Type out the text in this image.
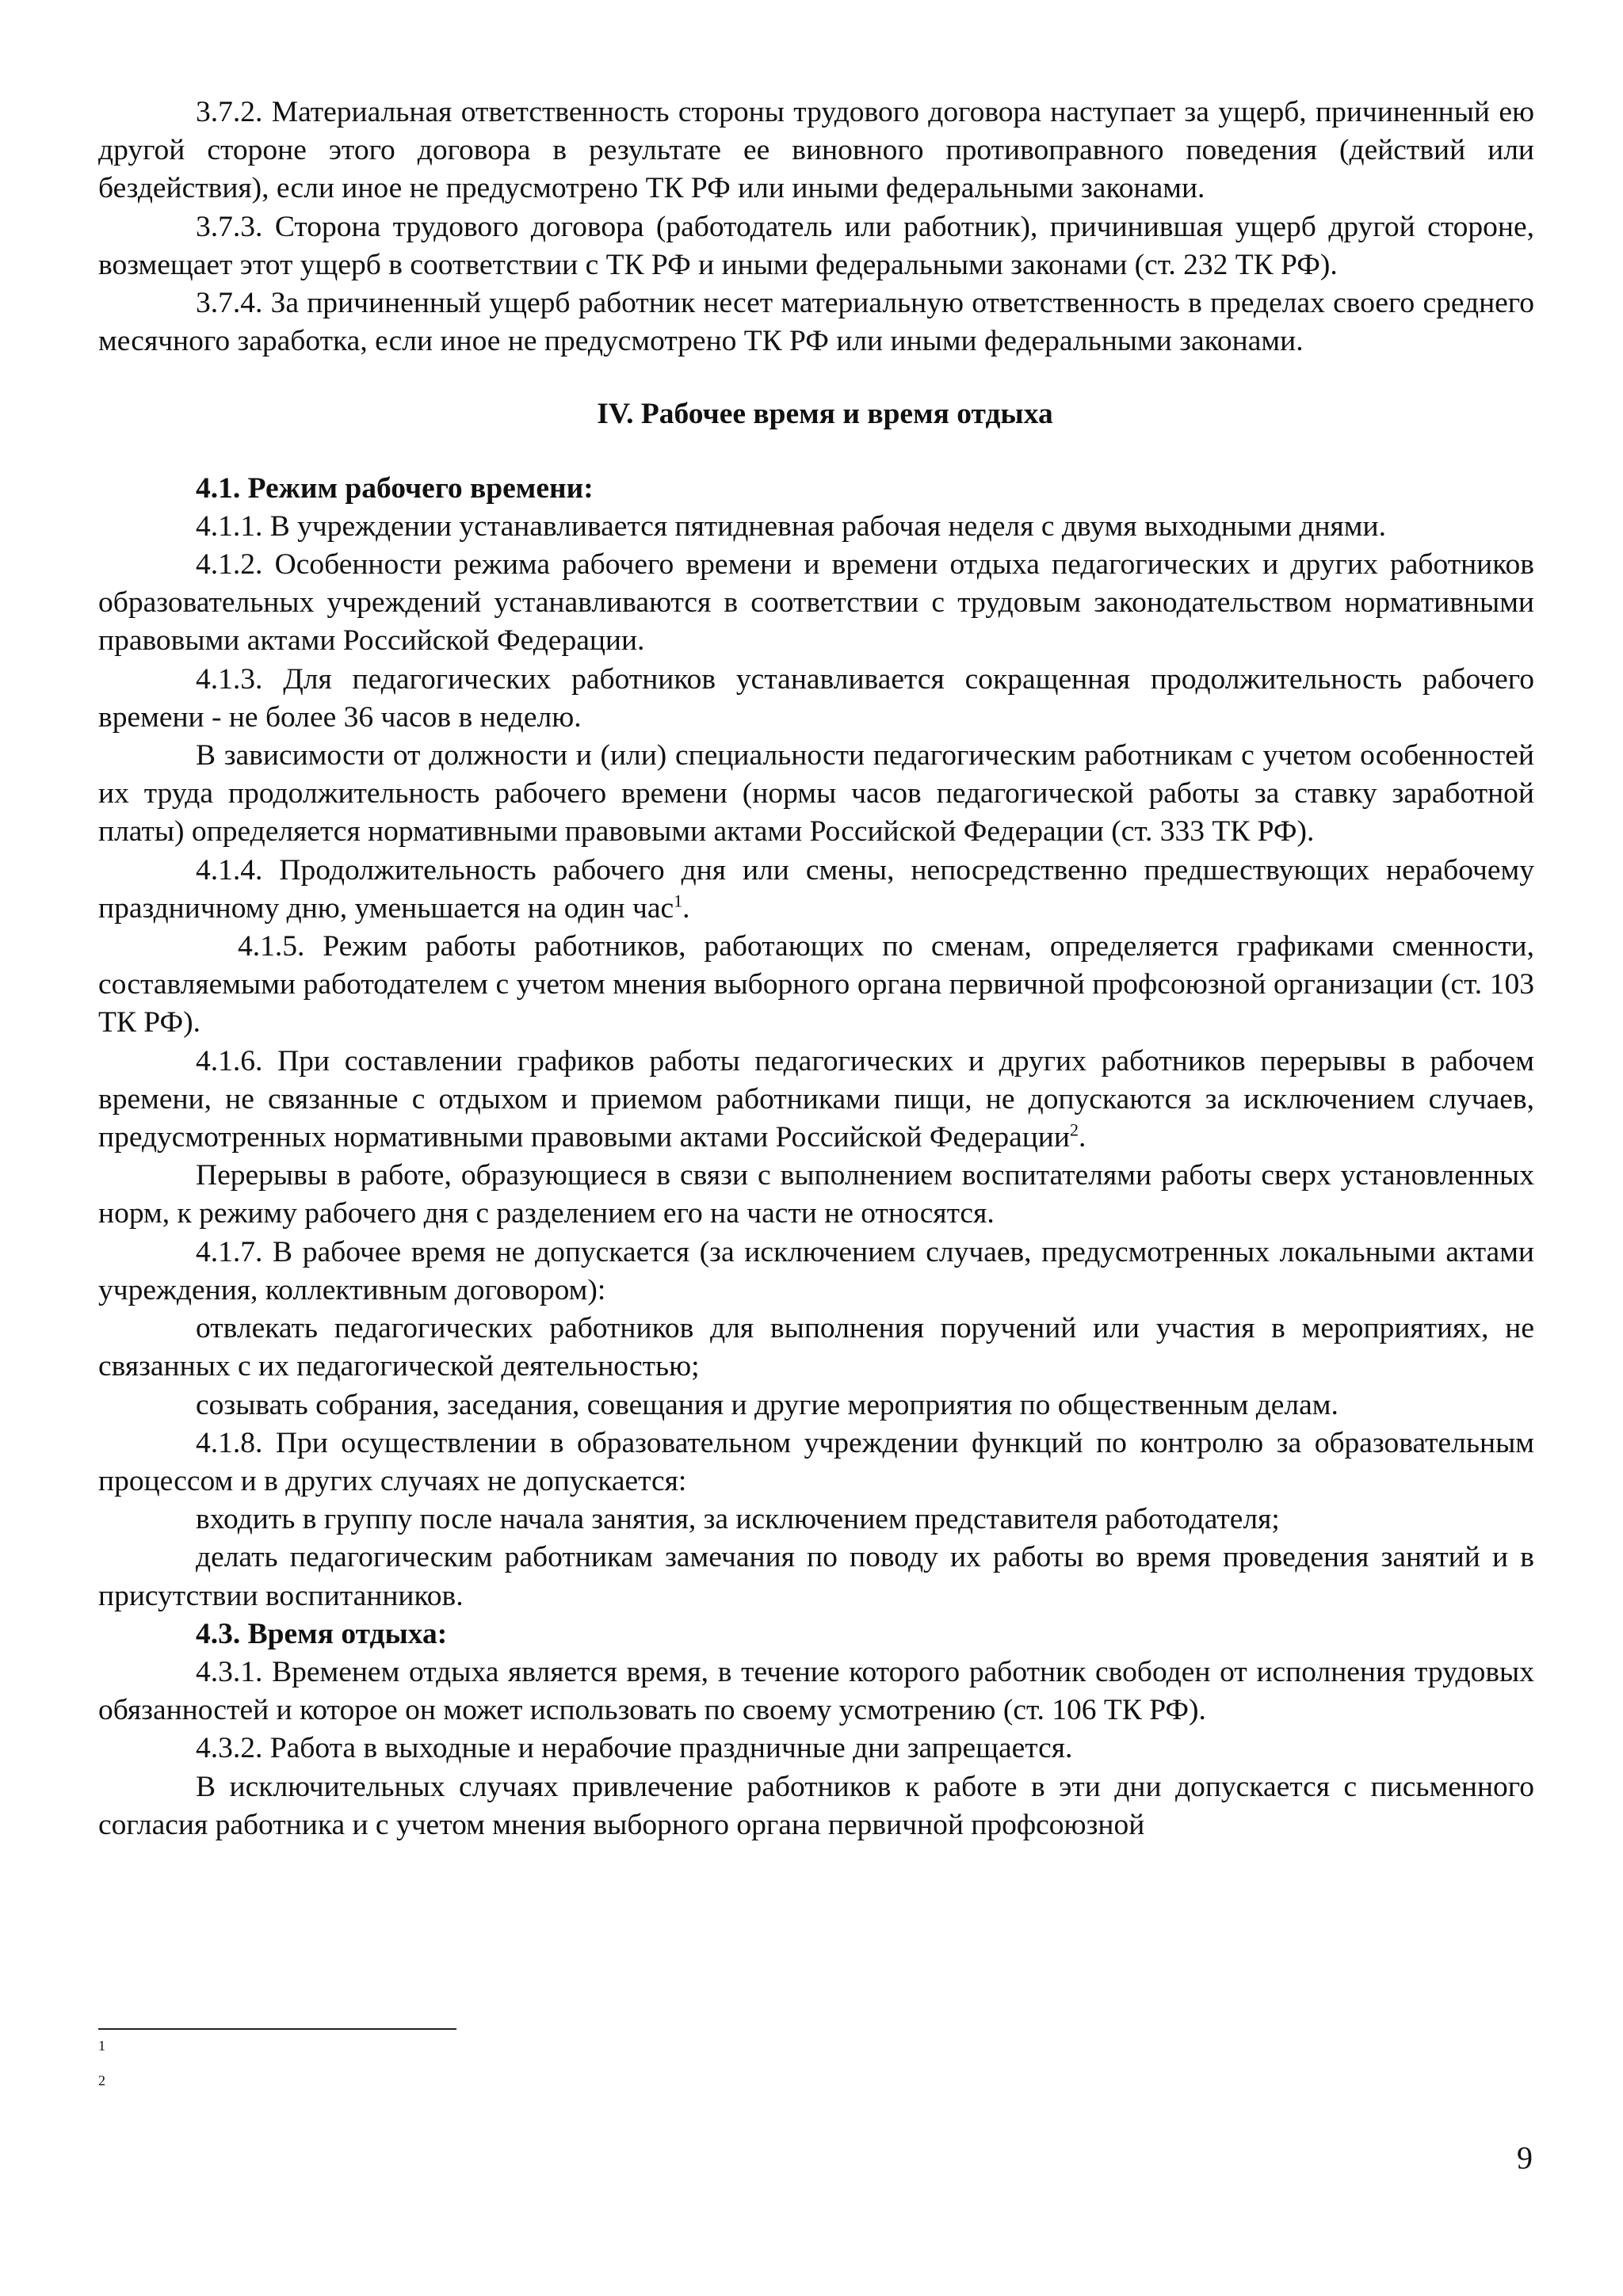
3.7.2. Материальная ответственность стороны трудового договора наступает за ущерб, причиненный ею другой стороне этого договора в результате ее виновного противоправного поведения (действий или бездействия), если иное не предусмотрено ТК РФ или иными федеральными законами.

3.7.3. Сторона трудового договора (работодатель или работник), причинившая ущерб другой стороне, возмещает этот ущерб в соответствии с ТК РФ и иными федеральными законами (ст. 232 ТК РФ).

3.7.4. За причиненный ущерб работник несет материальную ответственность в пределах своего среднего месячного заработка, если иное не предусмотрено ТК РФ или иными федеральными законами.

IV. Рабочее время и время отдыха

4.1. Режим рабочего времени:

4.1.1. В учреждении устанавливается пятидневная рабочая неделя с двумя выходными днями.

4.1.2. Особенности режима рабочего времени и времени отдыха педагогических и других работников образовательных учреждений устанавливаются в соответствии с трудовым законодательством нормативными правовыми актами Российской Федерации.

4.1.3. Для педагогических работников устанавливается сокращенная продолжительность рабочего времени - не более 36 часов в неделю.

В зависимости от должности и (или) специальности педагогическим работникам с учетом особенностей их труда продолжительность рабочего времени (нормы часов педагогической работы за ставку заработной платы) определяется нормативными правовыми актами Российской Федерации (ст. 333 ТК РФ).

4.1.4. Продолжительность рабочего дня или смены, непосредственно предшествующих нерабочему праздничному дню, уменьшается на один час$^1$.

4.1.5. Режим работы работников, работающих по сменам, определяется графиками сменности, составляемыми работодателем с учетом мнения выборного органа первичной профсоюзной организации (ст. 103 ТК РФ).

4.1.6. При составлении графиков работы педагогических и других работников перерывы в рабочем времени, не связанные с отдыхом и приемом работниками пищи, не допускаются за исключением случаев, предусмотренных нормативными правовыми актами Российской Федерации$^2$.

Перерывы в работе, образующиеся в связи с выполнением воспитателями работы сверх установленных норм, к режиму рабочего дня с разделением его на части не относятся.

4.1.7. В рабочее время не допускается (за исключением случаев, предусмотренных локальными актами учреждения, коллективным договором):

отвлекать педагогических работников для выполнения поручений или участия в мероприятиях, не связанных с их педагогической деятельностью;

созывать собрания, заседания, совещания и другие мероприятия по общественным делам.

4.1.8. При осуществлении в образовательном учреждении функций по контролю за образовательным процессом и в других случаях не допускается:

входить в группу после начала занятия, за исключением представителя работодателя;

делать педагогическим работникам замечания по поводу их работы во время проведения занятий и в присутствии воспитанников.

4.3. Время отдыха:

4.3.1. Временем отдыха является время, в течение которого работник свободен от исполнения трудовых обязанностей и которое он может использовать по своему усмотрению (ст. 106 ТК РФ).

4.3.2. Работа в выходные и нерабочие праздничные дни запрещается.

В исключительных случаях привлечение работников к работе в эти дни допускается с письменного согласия работника и с учетом мнения выборного органа первичной профсоюзной

1
2
9
